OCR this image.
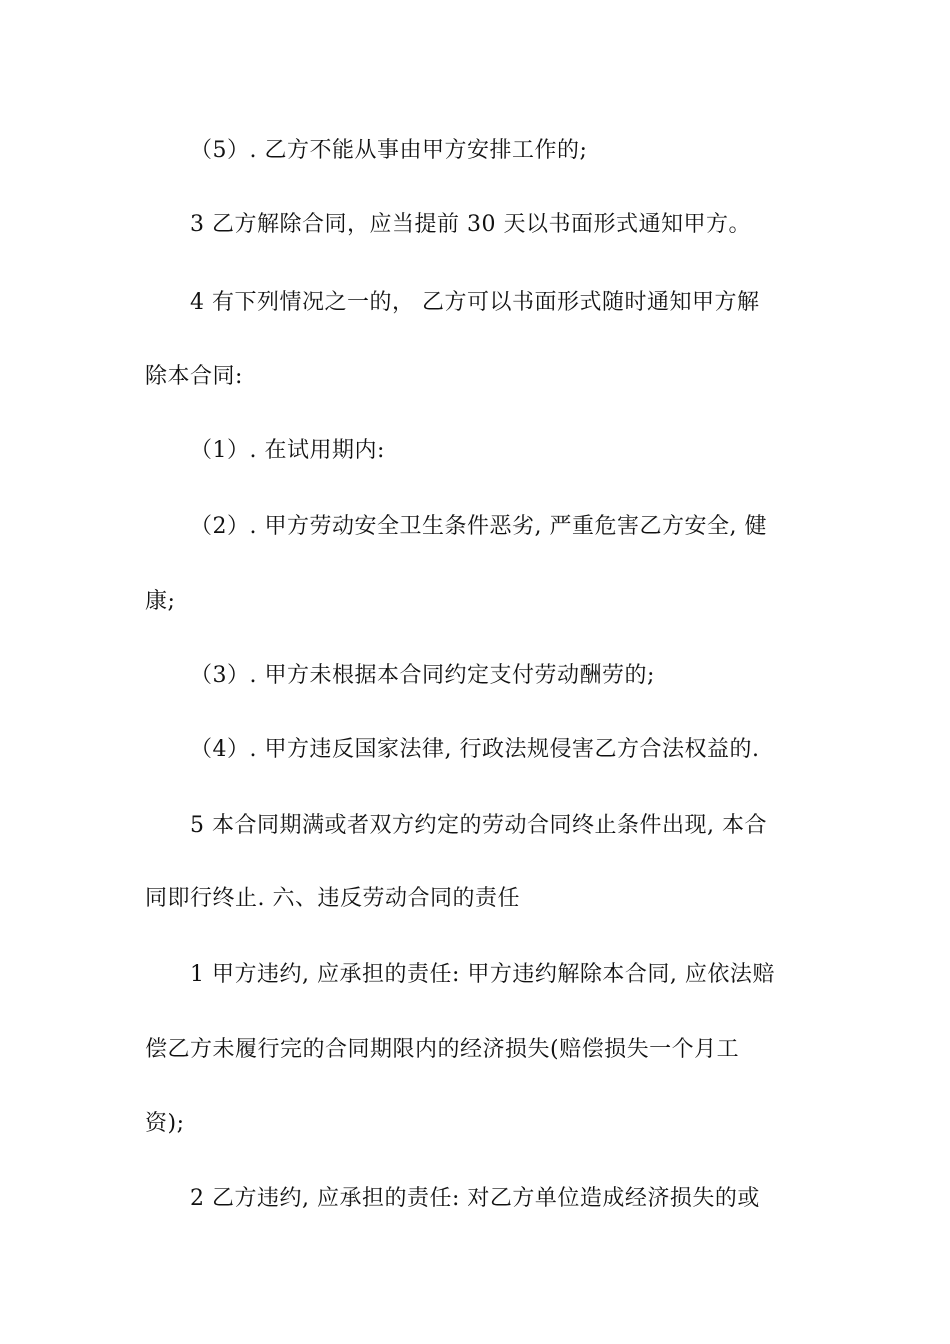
（5）. 乙方不能从事由甲方安排工作的;
3 乙方解除合同，应当提前 30 天以书面形式通知甲方。
4 有下列情况之一的， 乙方可以书面形式随时通知甲方解
除本合同:
（1）. 在试用期内:
（2）. 甲方劳动安全卫生条件恶劣, 严重危害乙方安全, 健
康;
（3）. 甲方未根据本合同约定支付劳动酬劳的;
（4）. 甲方违反国家法律, 行政法规侵害乙方合法权益的.
5 本合同期满或者双方约定的劳动合同终止条件出现, 本合
同即行终止. 六、违反劳动合同的责任
1 甲方违约, 应承担的责任: 甲方违约解除本合同, 应依法赔
偿乙方未履行完的合同期限内的经济损失(赔偿损失一个月工
资);
2 乙方违约, 应承担的责任: 对乙方单位造成经济损失的或
